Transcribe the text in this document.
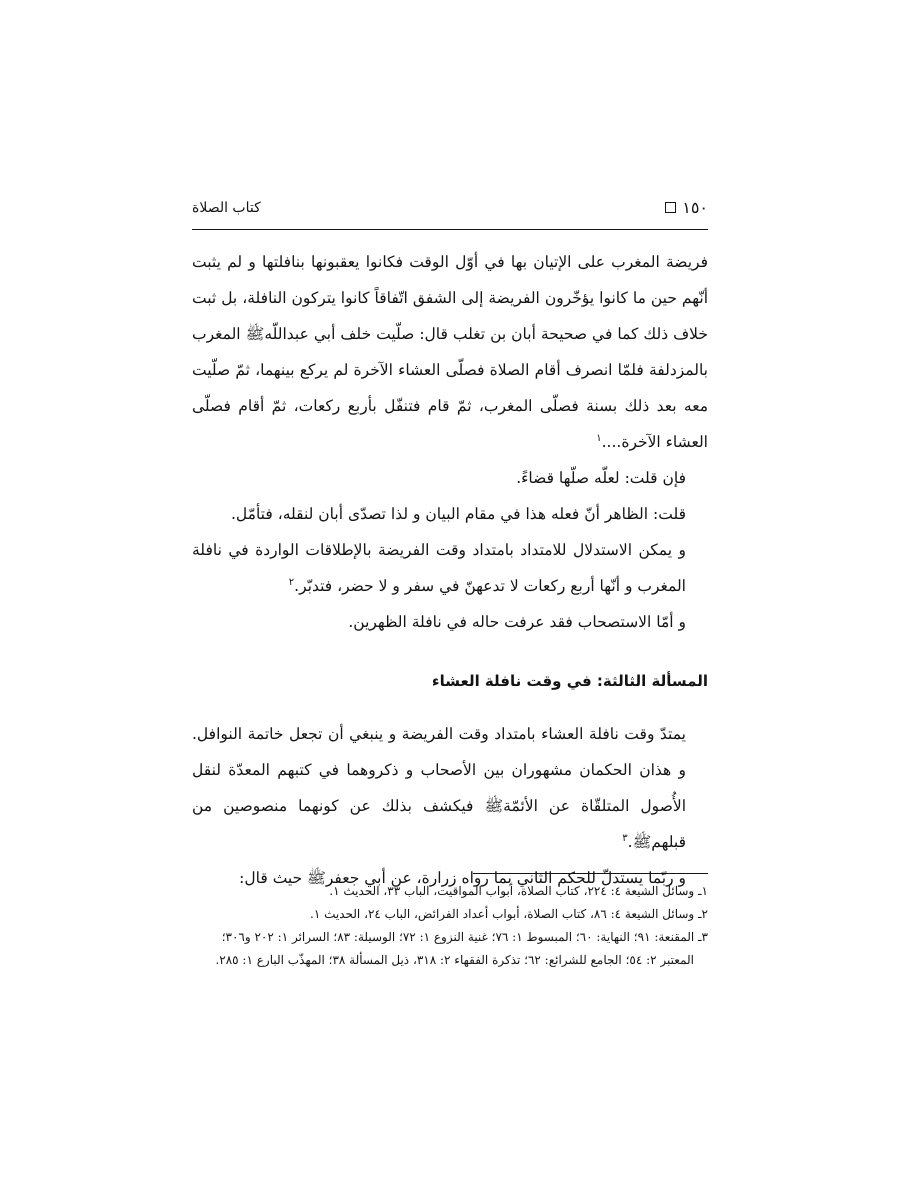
١٥٠
كتاب الصلاة

فريضة المغرب على الإتيان بها في أوّل الوقت فكانوا يعقبونها بنافلتها و لم يثبت أنّهم حين ما كانوا يؤخّرون الفريضة إلى الشفق اتّفاقاً كانوا يتركون النافلة، بل ثبت خلاف ذلك كما في صحيحة أبان بن تغلب قال: صلّيت خلف أبي عبداللّه‌ﷺ المغرب بالمزدلفة فلمّا انصرف أقام الصلاة فصلّى العشاء الآخرة لم يركع بينهما، ثمّ صلّيت معه بعد ذلك بسنة فصلّى المغرب، ثمّ قام فتنفّل بأربع ركعات، ثمّ أقام فصلّى العشاء الآخرة....$^١$

فإن قلت: لعلّه صلّها قضاءً.

قلت: الظاهر أنّ فعله هذا في مقام البيان و لذا تصدّى أبان لنقله، فتأمّل.

و يمكن الاستدلال للامتداد بامتداد وقت الفريضة بالإطلاقات الواردة في نافلة المغرب و أنّها أربع ركعات لا تدعهنّ في سفر و لا حضر، فتدبّر.$^٢$

و أمّا الاستصحاب فقد عرفت حاله في نافلة الظهرين.

المسألة الثالثة: في وقت نافلة العشاء

يمتدّ وقت نافلة العشاء بامتداد وقت الفريضة و ينبغي أن تجعل خاتمة النوافل. و هذان الحكمان مشهوران بين الأصحاب و ذكروهما في كتبهم المعدّة لنقل الأُصول المتلقّاة عن الأئمّةﷺ فيكشف بذلك عن كونهما منصوصين من قبلهمﷺ.$^٣$

و ربّما يستدلّ للحكم الثاني بما رواه زرارة، عن أبي جعفرﷺ حيث قال:

١ـ وسائل الشيعة ٤: ٢٢٤، كتاب الصلاة، أبواب المواقيت، الباب ٣٣، الحديث ١.

٢ـ وسائل الشيعة ٤: ٨٦، كتاب الصلاة، أبواب أعداد الفرائض، الباب ٢٤، الحديث ١.

٣ـ المقنعة: ٩١؛ النهاية: ٦٠؛ المبسوط ١: ٧٦؛ غنية النزوع ١: ٧٢؛ الوسيلة: ٨٣؛ السرائر ١: ٢٠٢ و٣٠٦؛

المعتبر ٢: ٥٤؛ الجامع للشرائع: ٦٢؛ تذكرة الفقهاء ٢: ٣١٨، ذيل المسألة ٣٨؛ المهذّب البارع ١: ٢٨٥.
